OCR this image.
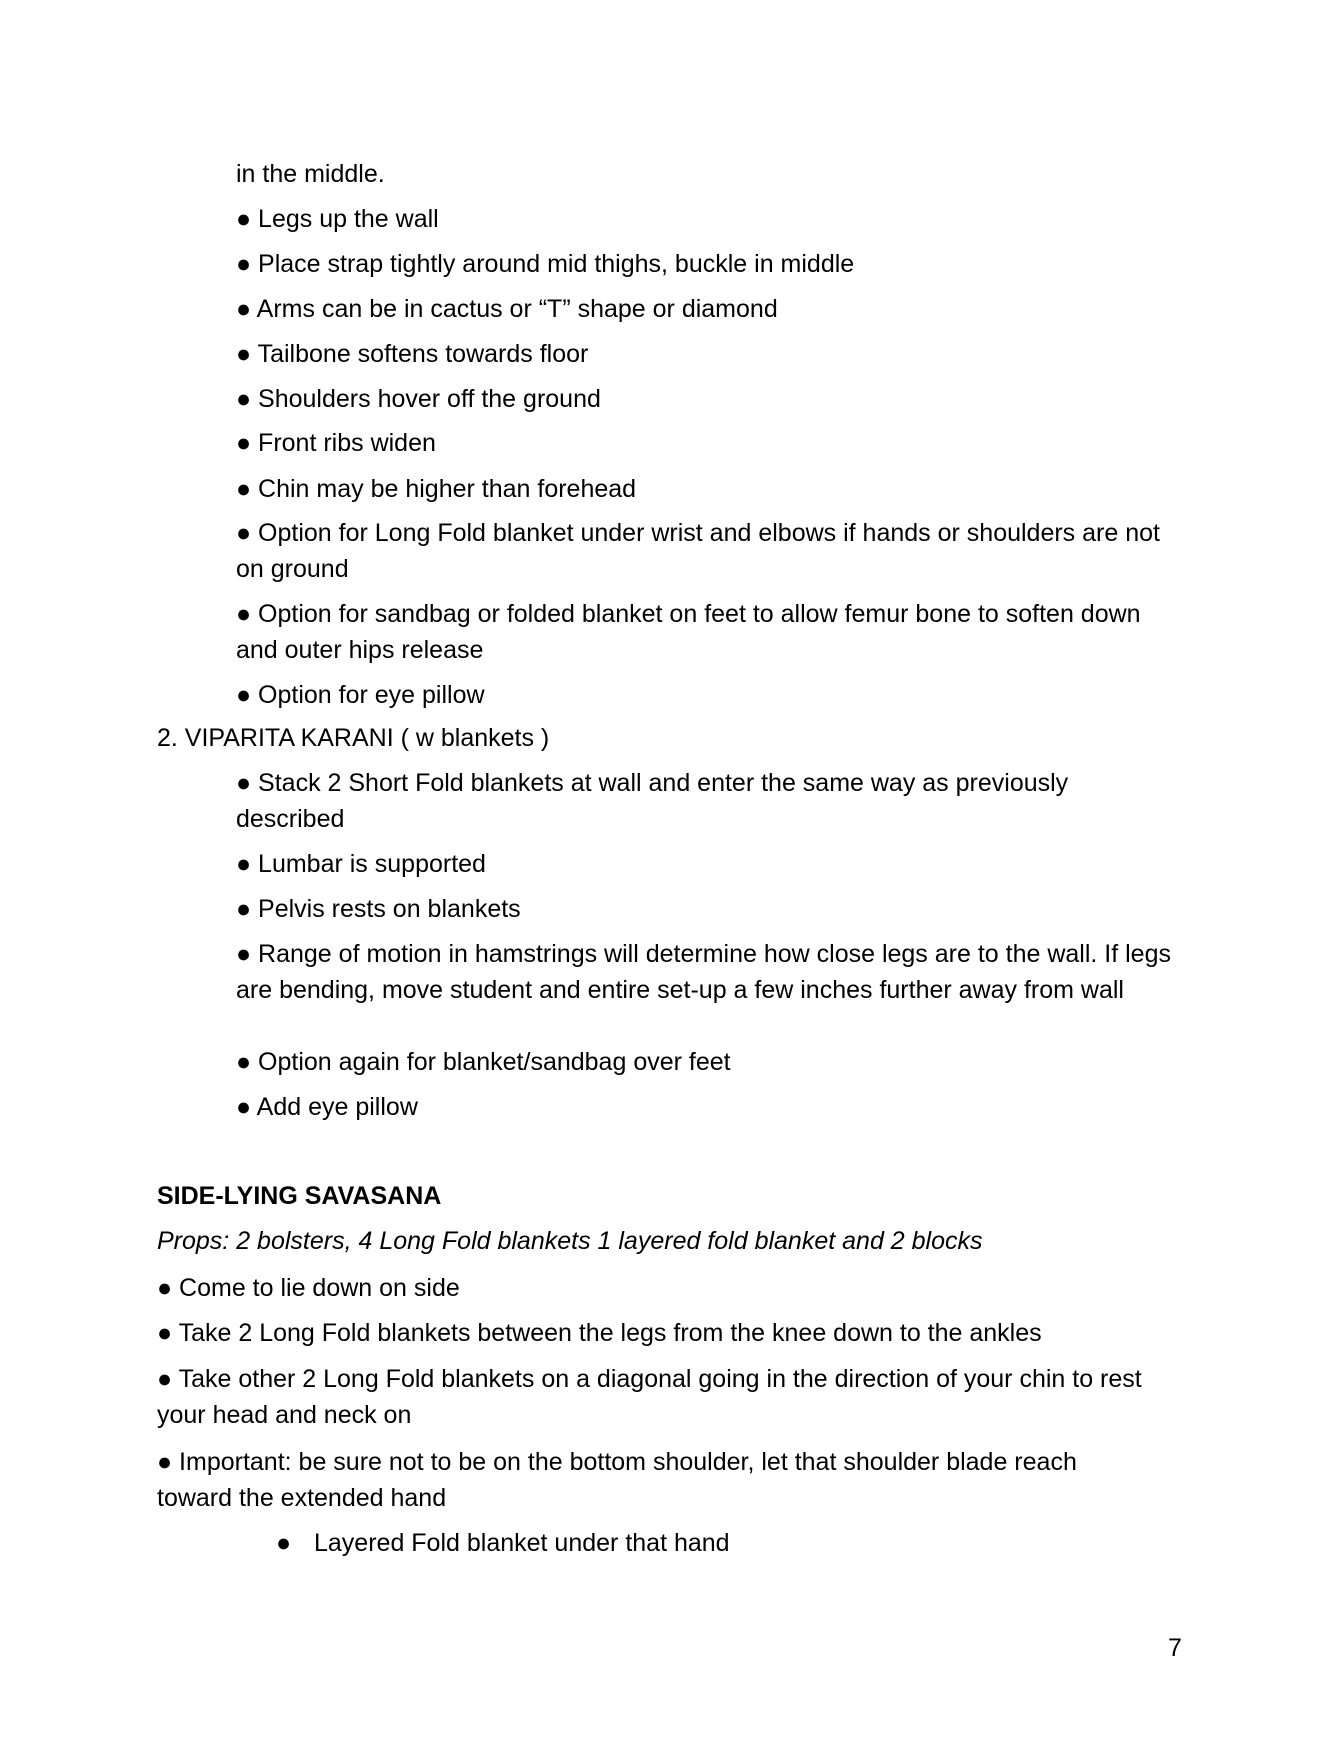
in the middle.
● Legs up the wall
● Place strap tightly around mid thighs, buckle in middle
● Arms can be in cactus or “T” shape or diamond
● Tailbone softens towards floor
● Shoulders hover off the ground
● Front ribs widen
● Chin may be higher than forehead
● Option for Long Fold blanket under wrist and elbows if hands or shoulders are not on ground
● Option for sandbag or folded blanket on feet to allow femur bone to soften down and outer hips release
● Option for eye pillow
2. VIPARITA KARANI ( w blankets )
● Stack 2 Short Fold blankets at wall and enter the same way as previously described
● Lumbar is supported
● Pelvis rests on blankets
● Range of motion in hamstrings will determine how close legs are to the wall. If legs are bending, move student and entire set-up a few inches further away from wall
● Option again for blanket/sandbag over feet
● Add eye pillow
SIDE-LYING SAVASANA
Props: 2 bolsters, 4 Long Fold blankets 1 layered fold blanket and 2 blocks
● Come to lie down on side
● Take 2 Long Fold blankets between the legs from the knee down to the ankles
● Take other 2 Long Fold blankets on a diagonal going in the direction of your chin to rest your head and neck on
● Important: be sure not to be on the bottom shoulder, let that shoulder blade reach toward the extended hand
● Layered Fold blanket under that hand
7
